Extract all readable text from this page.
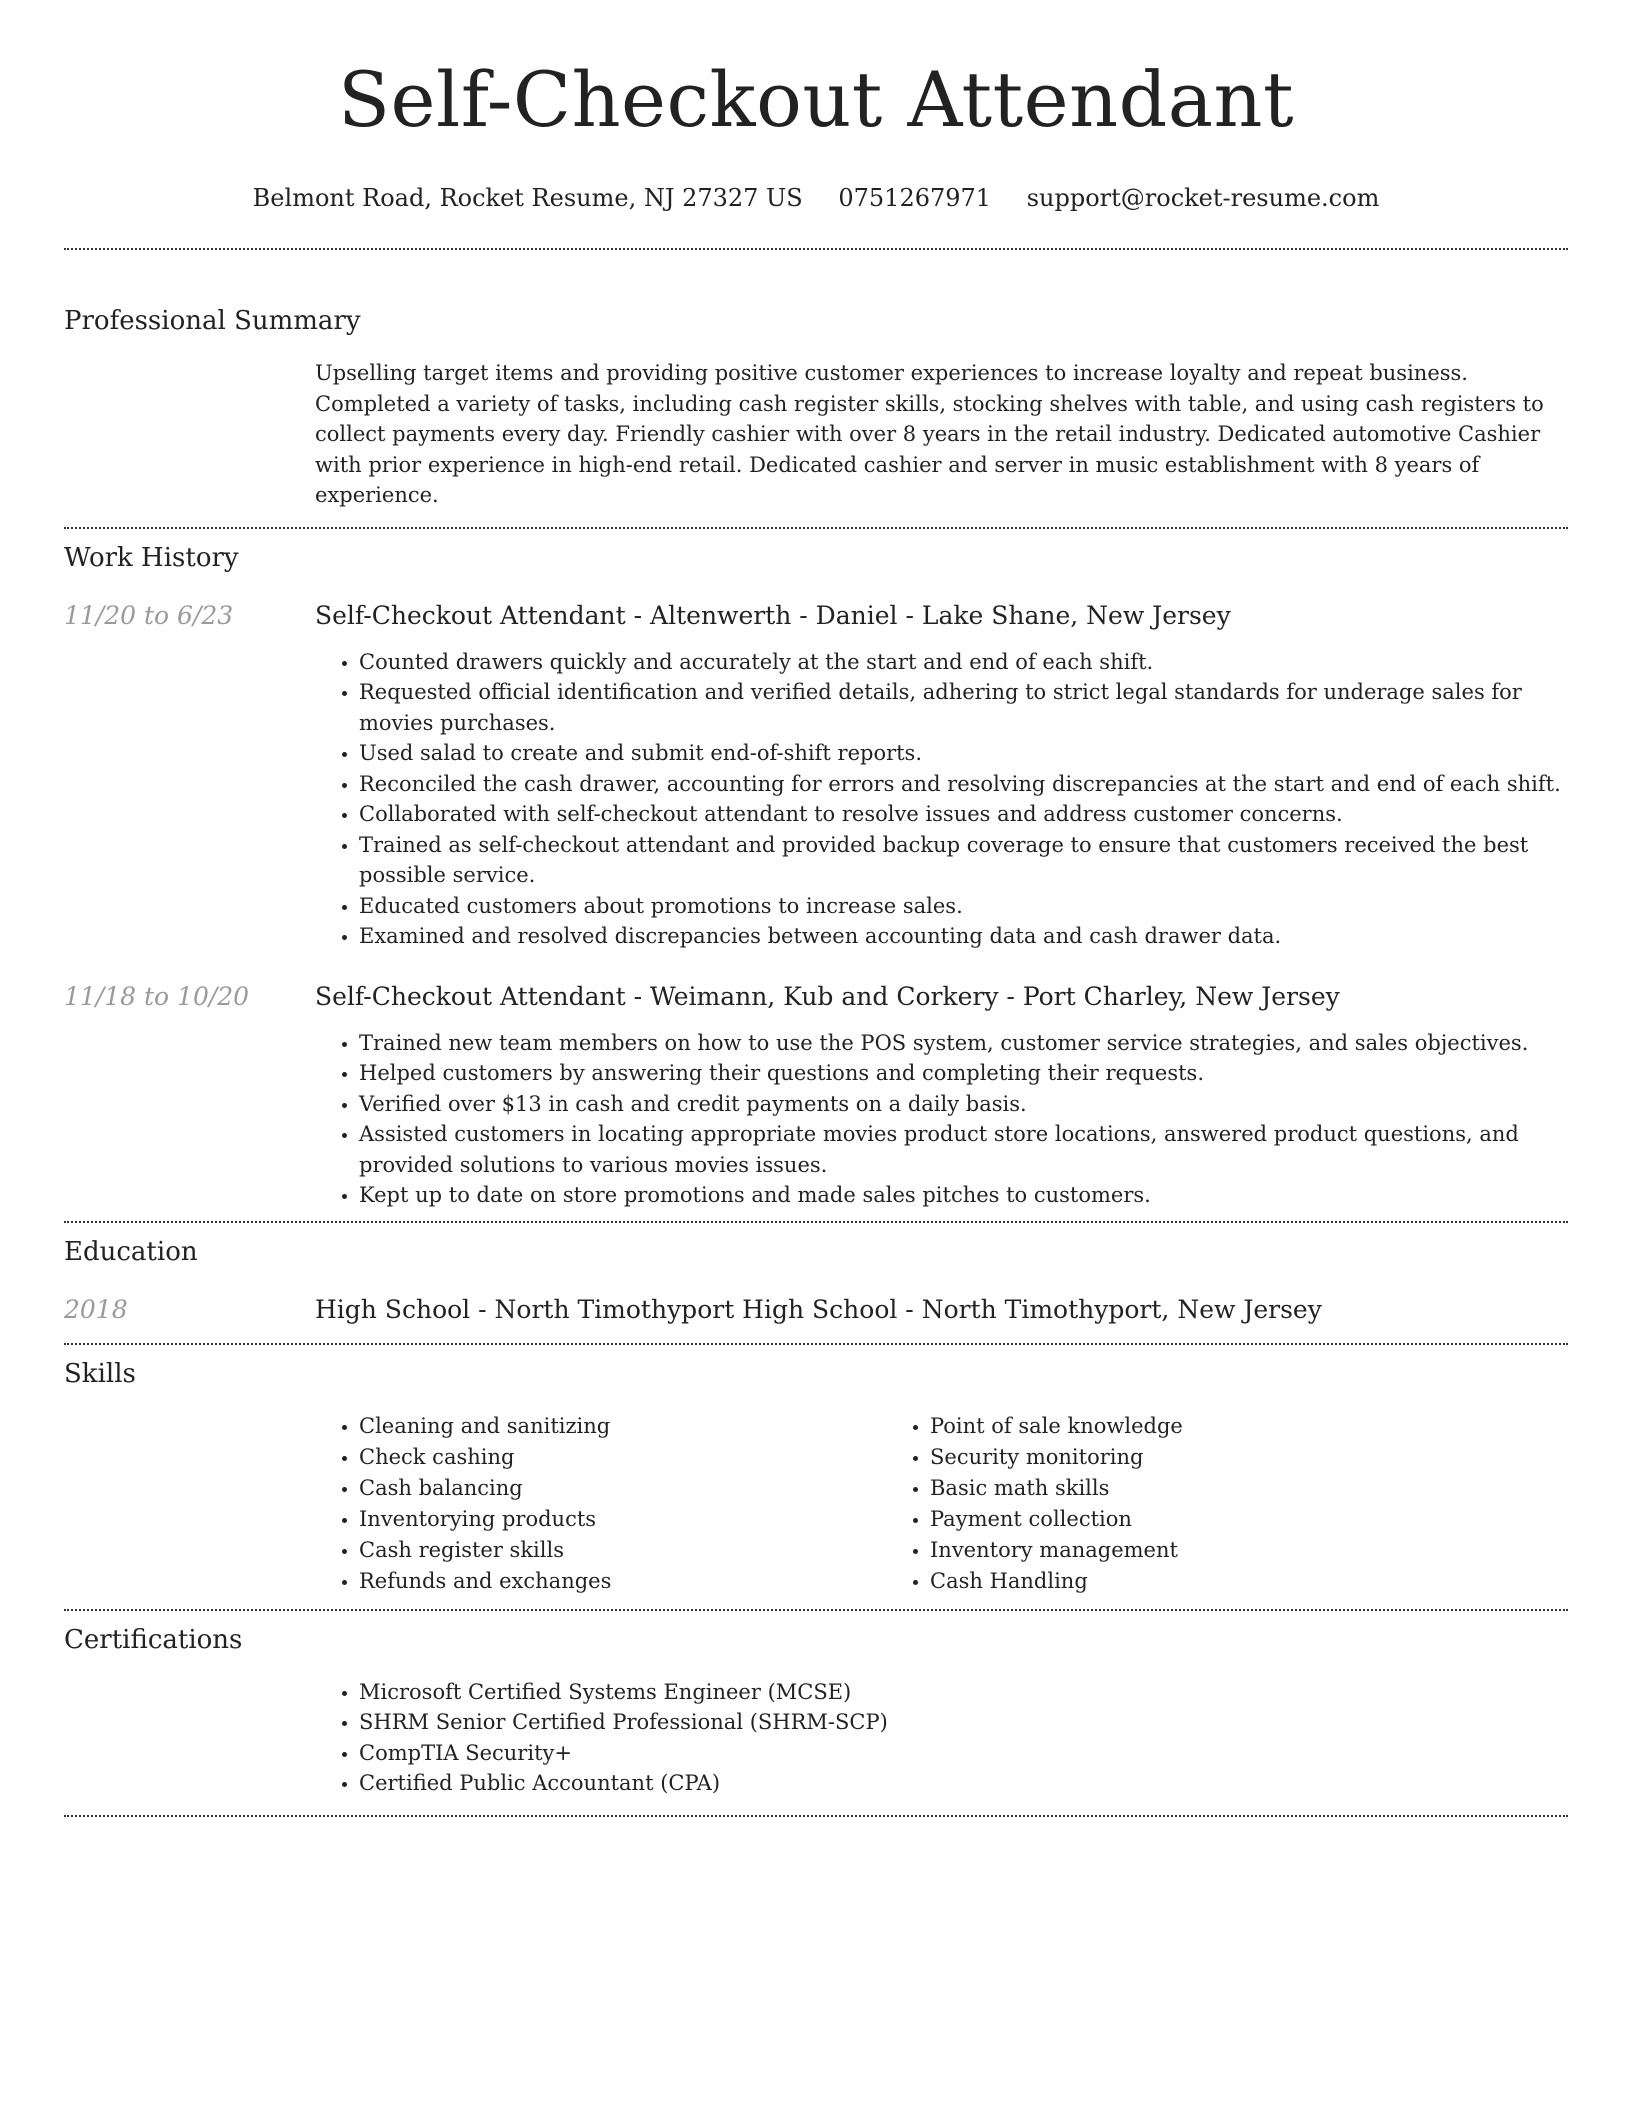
Self-Checkout Attendant
Belmont Road, Rocket Resume, NJ 27327 US 0751267971 support@rocket-resume.com
Professional Summary

Upselling target items and providing positive customer experiences to increase loyalty and repeat business. Completed a variety of tasks, including cash register skills, stocking shelves with table, and using cash registers to collect payments every day. Friendly cashier with over 8 years in the retail industry. Dedicated automotive Cashier with prior experience in high-end retail. Dedicated cashier and server in music establishment with 8 years of experience.

Work History
11/20 to 6/23	Self-Checkout Attendant - Altenwerth - Daniel - Lake Shane, New Jersey
• Counted drawers quickly and accurately at the start and end of each shift.
• Requested official identification and verified details, adhering to strict legal standards for underage sales for movies purchases.
• Used salad to create and submit end-of-shift reports.
• Reconciled the cash drawer, accounting for errors and resolving discrepancies at the start and end of each shift.
• Collaborated with self-checkout attendant to resolve issues and address customer concerns.
• Trained as self-checkout attendant and provided backup coverage to ensure that customers received the best possible service.
• Educated customers about promotions to increase sales.
• Examined and resolved discrepancies between accounting data and cash drawer data.
11/18 to 10/20	Self-Checkout Attendant - Weimann, Kub and Corkery - Port Charley, New Jersey
• Trained new team members on how to use the POS system, customer service strategies, and sales objectives.
• Helped customers by answering their questions and completing their requests.
• Verified over $13 in cash and credit payments on a daily basis.
• Assisted customers in locating appropriate movies product store locations, answered product questions, and provided solutions to various movies issues.
• Kept up to date on store promotions and made sales pitches to customers.
Education
2018	High School - North Timothyport High School - North Timothyport, New Jersey
Skills
• Cleaning and sanitizing
• Check cashing
• Cash balancing
• Inventorying products
• Cash register skills
• Refunds and exchanges
• Point of sale knowledge
• Security monitoring
• Basic math skills
• Payment collection
• Inventory management
• Cash Handling
Certifications
• Microsoft Certified Systems Engineer (MCSE)
• SHRM Senior Certified Professional (SHRM-SCP)
• CompTIA Security+
• Certified Public Accountant (CPA)
